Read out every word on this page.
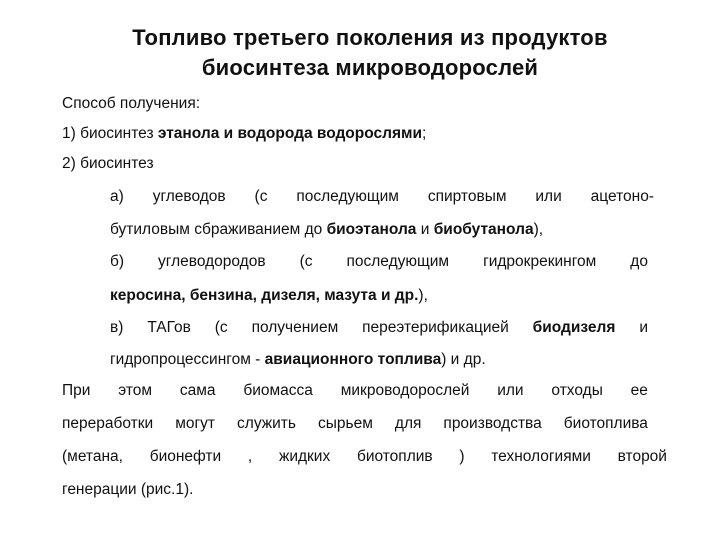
Топливо третьего поколения из продуктов
биосинтеза микроводорослей
Способ получения:
1) биосинтез этанола и водорода водорослями;
2) биосинтез
а) углеводов (с последующим спиртовым или ацетоно-
бутиловым сбраживанием до биоэтанола и биобутанола),
б) углеводородов (с последующим гидрокрекингом до
керосина, бензина, дизеля, мазута и др.),
в) ТАГов (с получением переэтерификацией биодизеля и
гидропроцессингом - авиационного топлива) и др.
При этом сама биомасса микроводорослей или отходы ее
переработки могут служить сырьем для производства биотоплива
(метана, бионефти , жидких биотоплив ) технологиями второй
генерации (рис.1).
